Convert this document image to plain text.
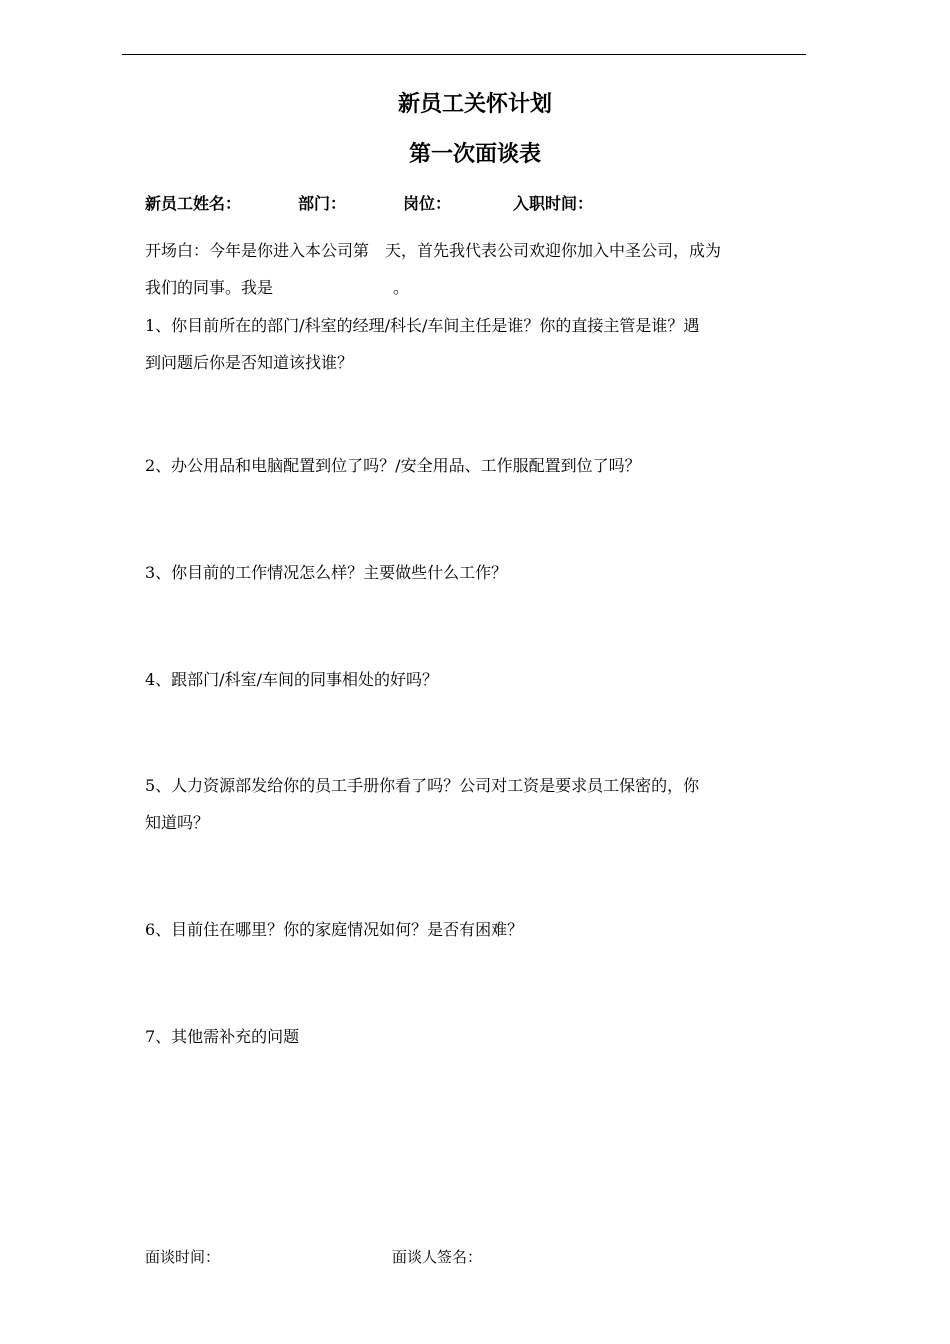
新员工关怀计划
第一次面谈表
新员工姓名：	部门：	岗位：	入职时间：
开场白：今年是你进入本公司第 天，首先我代表公司欢迎你加入中圣公司，成为
我们的同事。我是	。
1、你目前所在的部门/科室的经理/科长/车间主任是谁？你的直接主管是谁？遇
到问题后你是否知道该找谁？
2、办公用品和电脑配置到位了吗？/安全用品、工作服配置到位了吗？
3、你目前的工作情况怎么样？主要做些什么工作？
4、跟部门/科室/车间的同事相处的好吗？
5、人力资源部发给你的员工手册你看了吗？公司对工资是要求员工保密的，你
知道吗？
6、目前住在哪里？你的家庭情况如何？是否有困难？
7、其他需补充的问题
面谈时间：	面谈人签名：
